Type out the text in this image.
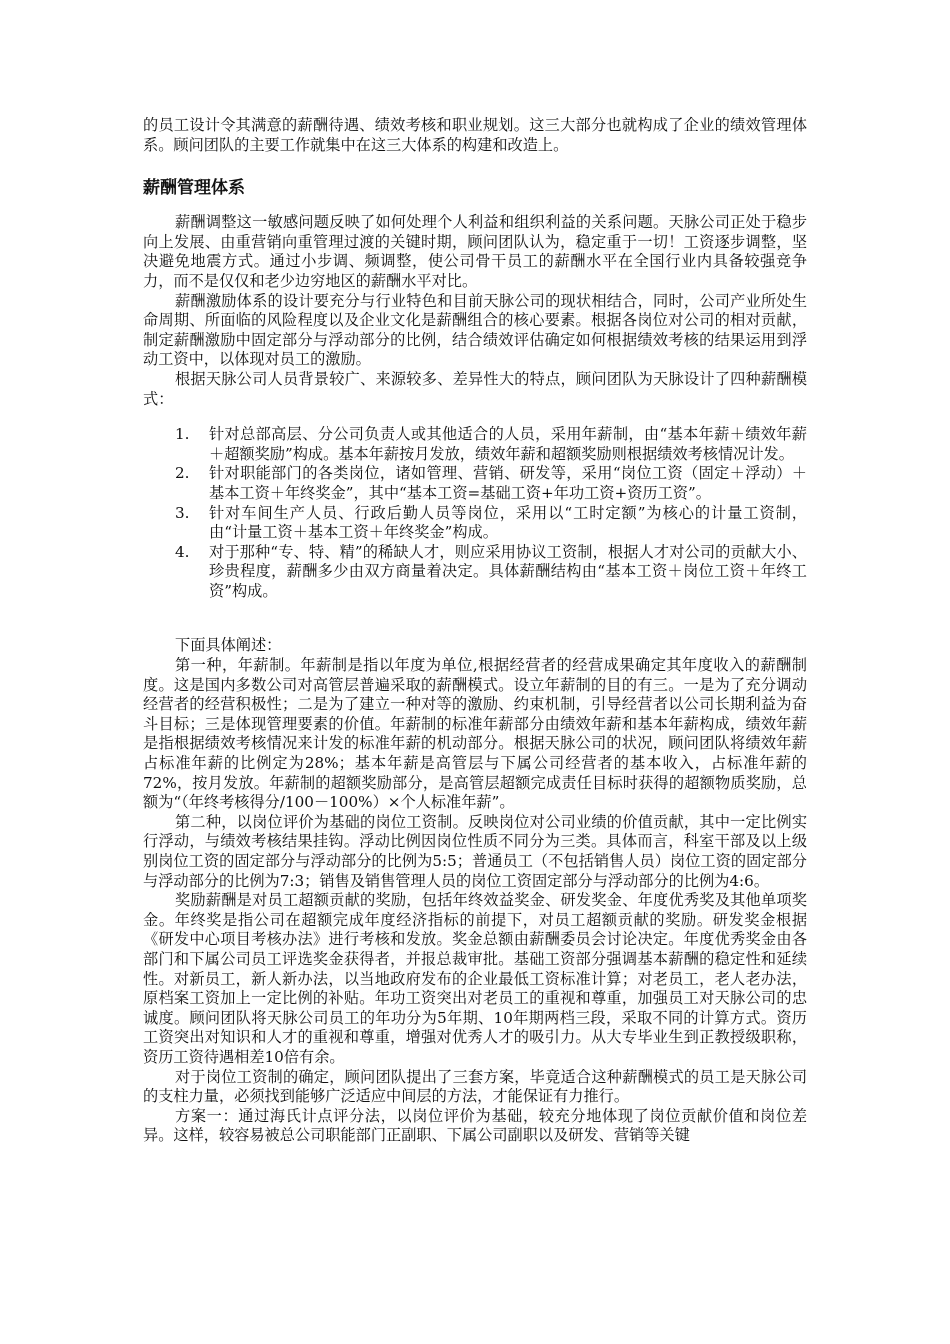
的员工设计令其满意的薪酬待遇、绩效考核和职业规划。这三大部分也就构成了企业的绩效管理体系。顾问团队的主要工作就集中在这三大体系的构建和改造上。

薪酬管理体系

薪酬调整这一敏感问题反映了如何处理个人利益和组织利益的关系问题。天脉公司正处于稳步向上发展、由重营销向重管理过渡的关键时期，顾问团队认为，稳定重于一切！工资逐步调整，坚决避免地震方式。通过小步调、频调整，使公司骨干员工的薪酬水平在全国行业内具备较强竞争力，而不是仅仅和老少边穷地区的薪酬水平对比。

薪酬激励体系的设计要充分与行业特色和目前天脉公司的现状相结合，同时，公司产业所处生命周期、所面临的风险程度以及企业文化是薪酬组合的核心要素。根据各岗位对公司的相对贡献，制定薪酬激励中固定部分与浮动部分的比例，结合绩效评估确定如何根据绩效考核的结果运用到浮动工资中，以体现对员工的激励。

根据天脉公司人员背景较广、来源较多、差异性大的特点，顾问团队为天脉设计了四种薪酬模式：

1. 针对总部高层、分公司负责人或其他适合的人员，采用年薪制，由“基本年薪＋绩效年薪＋超额奖励”构成。基本年薪按月发放，绩效年薪和超额奖励则根据绩效考核情况计发。
2. 针对职能部门的各类岗位，诸如管理、营销、研发等，采用“岗位工资（固定＋浮动）＋基本工资＋年终奖金”，其中“基本工资=基础工资+年功工资+资历工资”。
3. 针对车间生产人员、行政后勤人员等岗位，采用以“工时定额”为核心的计量工资制，由“计量工资＋基本工资＋年终奖金”构成。
4. 对于那种“专、特、精”的稀缺人才，则应采用协议工资制，根据人才对公司的贡献大小、珍贵程度，薪酬多少由双方商量着决定。具体薪酬结构由“基本工资＋岗位工资＋年终工资”构成。

下面具体阐述：

第一种，年薪制。年薪制是指以年度为单位,根据经营者的经营成果确定其年度收入的薪酬制度。这是国内多数公司对高管层普遍采取的薪酬模式。设立年薪制的目的有三。一是为了充分调动经营者的经营积极性；二是为了建立一种对等的激励、约束机制，引导经营者以公司长期利益为奋斗目标；三是体现管理要素的价值。年薪制的标准年薪部分由绩效年薪和基本年薪构成，绩效年薪是指根据绩效考核情况来计发的标准年薪的机动部分。根据天脉公司的状况，顾问团队将绩效年薪占标准年薪的比例定为28%；基本年薪是高管层与下属公司经营者的基本收入，占标准年薪的72%，按月发放。年薪制的超额奖励部分，是高管层超额完成责任目标时获得的超额物质奖励，总额为“（年终考核得分/100－100%）×个人标准年薪”。

第二种，以岗位评价为基础的岗位工资制。反映岗位对公司业绩的价值贡献，其中一定比例实行浮动，与绩效考核结果挂钩。浮动比例因岗位性质不同分为三类。具体而言，科室干部及以上级别岗位工资的固定部分与浮动部分的比例为5:5；普通员工（不包括销售人员）岗位工资的固定部分与浮动部分的比例为7:3；销售及销售管理人员的岗位工资固定部分与浮动部分的比例为4:6。

奖励薪酬是对员工超额贡献的奖励，包括年终效益奖金、研发奖金、年度优秀奖及其他单项奖金。年终奖是指公司在超额完成年度经济指标的前提下，对员工超额贡献的奖励。研发奖金根据《研发中心项目考核办法》进行考核和发放。奖金总额由薪酬委员会讨论决定。年度优秀奖金由各部门和下属公司员工评选奖金获得者，并报总裁审批。基础工资部分强调基本薪酬的稳定性和延续性。对新员工，新人新办法，以当地政府发布的企业最低工资标准计算；对老员工，老人老办法，原档案工资加上一定比例的补贴。年功工资突出对老员工的重视和尊重，加强员工对天脉公司的忠诚度。顾问团队将天脉公司员工的年功分为5年期、10年期两档三段，采取不同的计算方式。资历工资突出对知识和人才的重视和尊重，增强对优秀人才的吸引力。从大专毕业生到正教授级职称，资历工资待遇相差10倍有余。

对于岗位工资制的确定，顾问团队提出了三套方案，毕竟适合这种薪酬模式的员工是天脉公司的支柱力量，必须找到能够广泛适应中间层的方法，才能保证有力推行。

方案一：通过海氏计点评分法，以岗位评价为基础，较充分地体现了岗位贡献价值和岗位差异。这样，较容易被总公司职能部门正副职、下属公司副职以及研发、营销等关键
